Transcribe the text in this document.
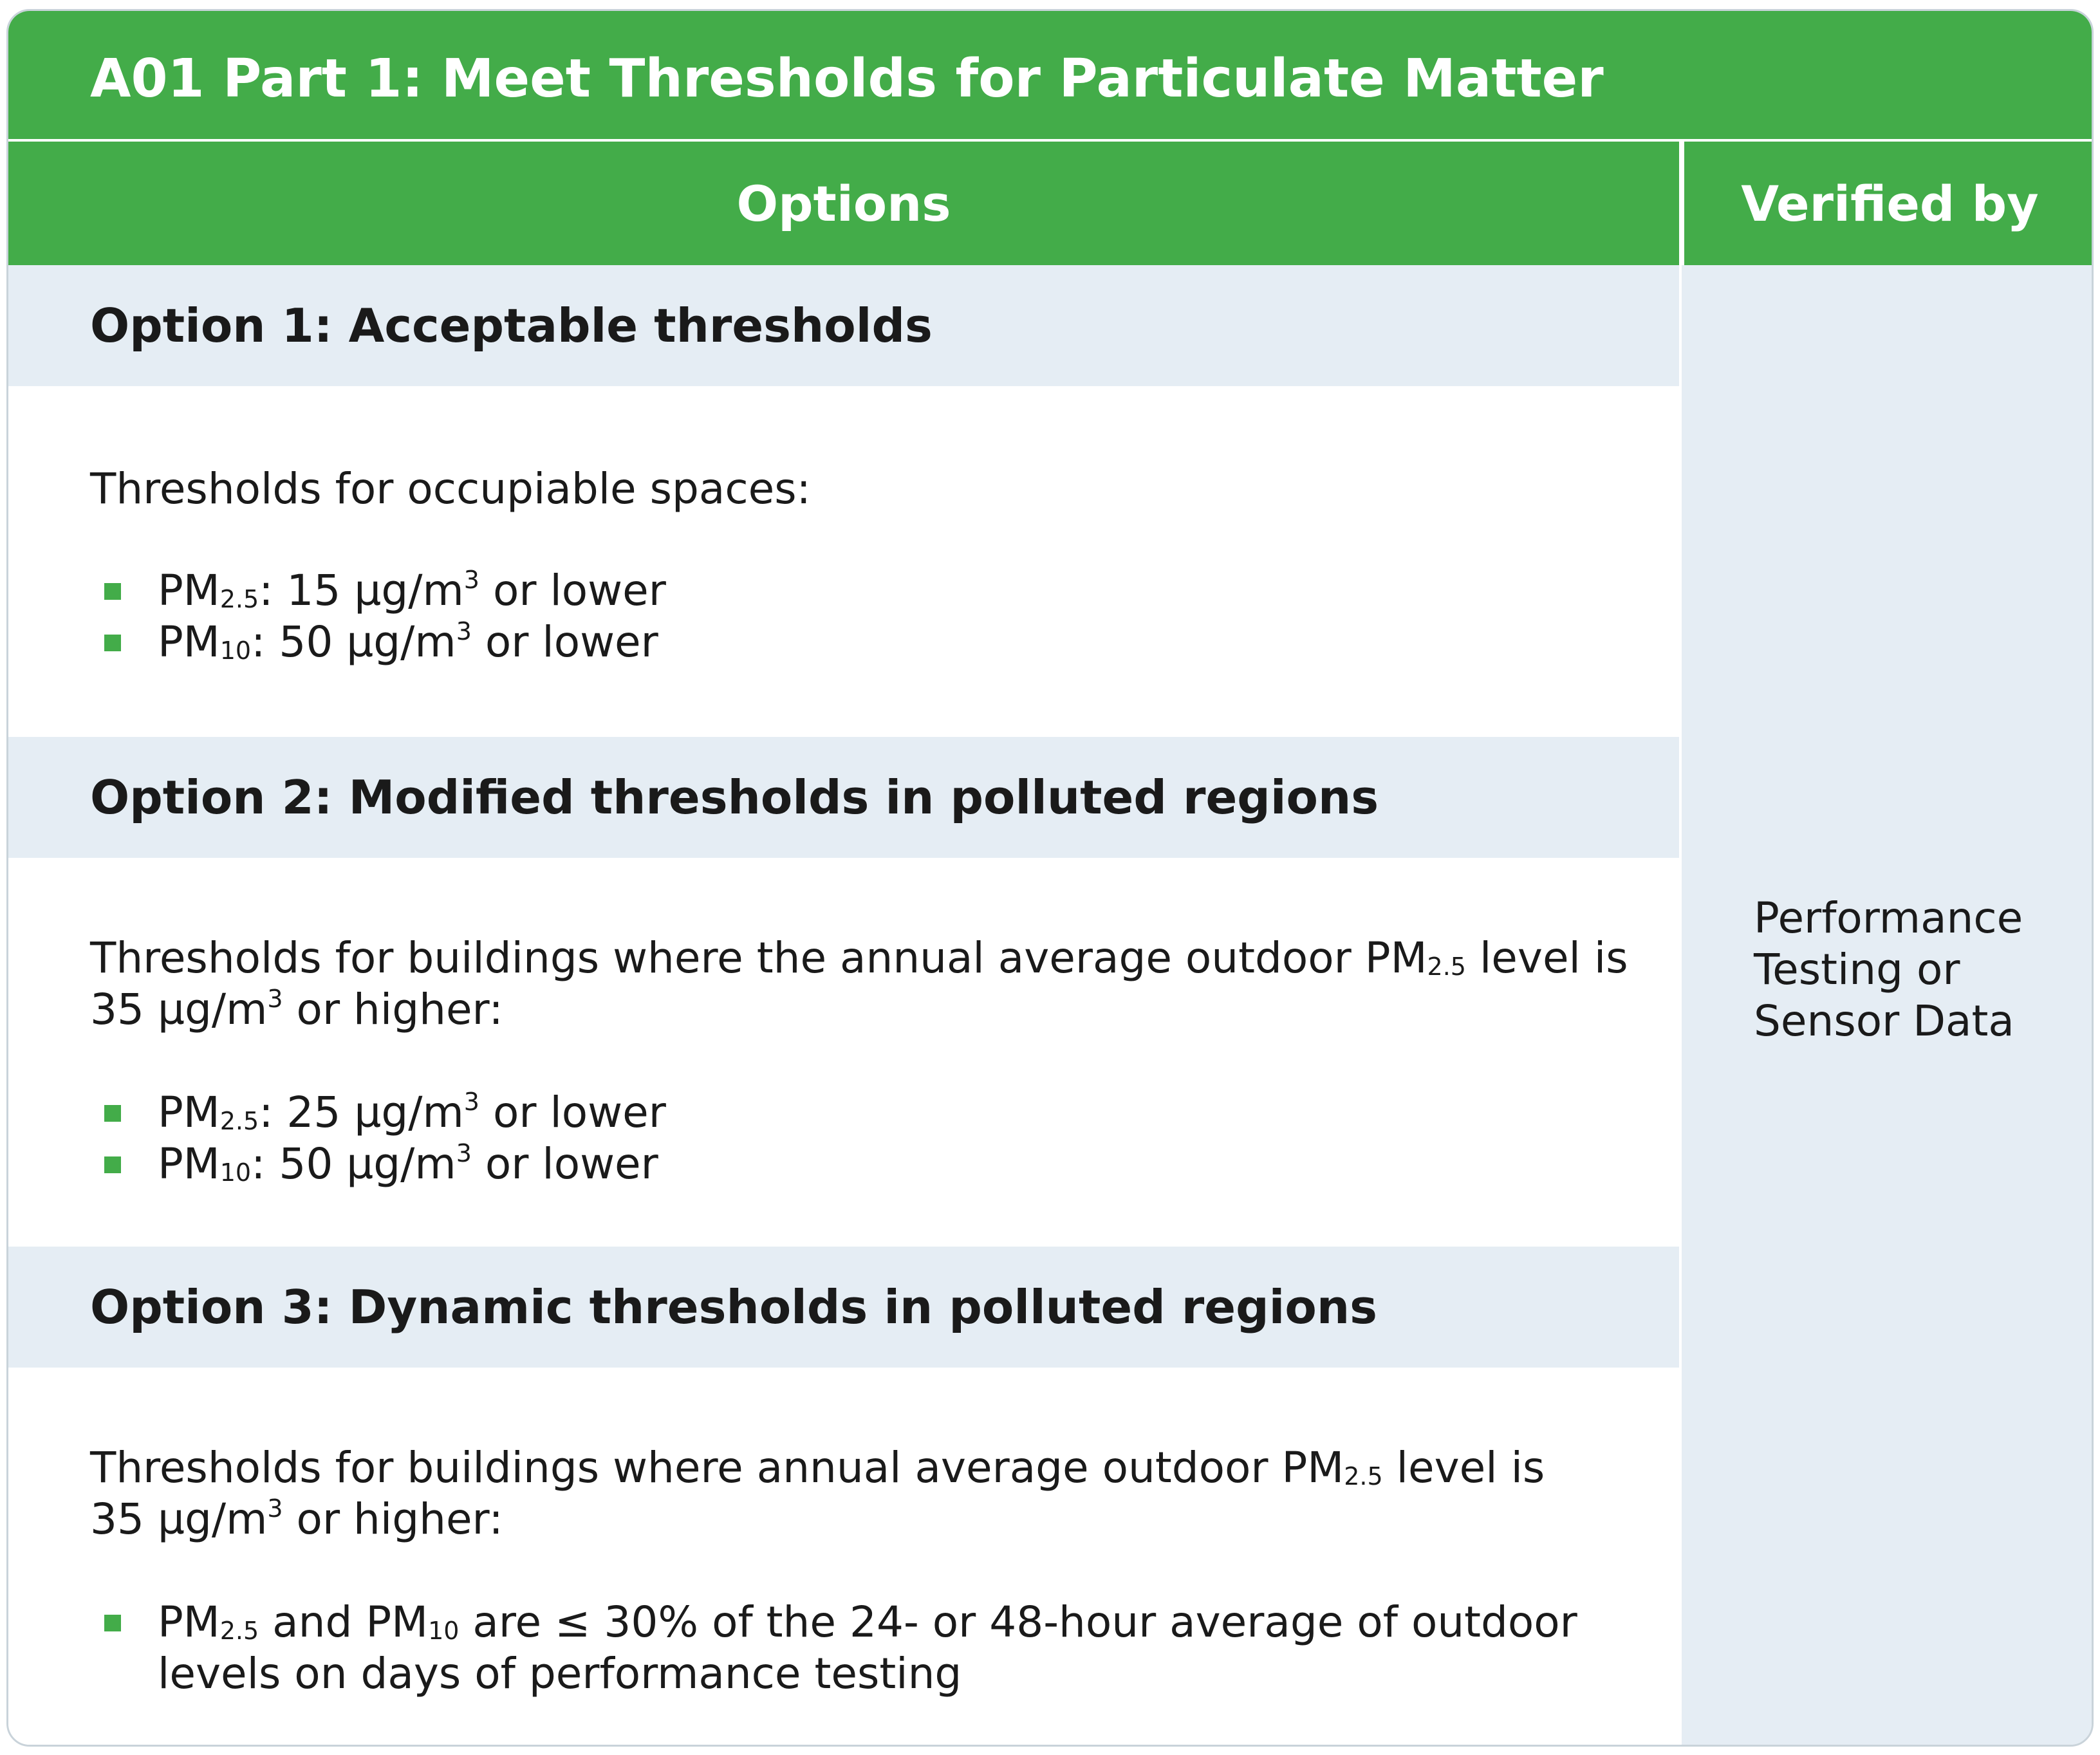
A01 Part 1: Meet Thresholds for Particulate Matter
Options	Verified by
Performance
Testing or
Sensor Data
Option 1: Acceptable thresholds
Thresholds for occupiable spaces:
$PM_{2.5}$: 15 $\mu g/m^3$ or lower
$PM_{10}$: 50 $\mu g/m^3$ or lower
Option 2: Modified thresholds in polluted regions
Thresholds for buildings where the annual average outdoor $PM_{2.5}$ level is
35 $\mu g/m^3$ or higher:
$PM_{2.5}$: 25 $\mu g/m^3$ or lower
$PM_{10}$: 50 $\mu g/m^3$ or lower
Option 3: Dynamic thresholds in polluted regions
Thresholds for buildings where annual average outdoor $PM_{2.5}$ level is
35 $\mu g/m^3$ or higher:
$PM_{2.5}$ and $PM_{10}$ are ≤ 30% of the 24- or 48-hour average of outdoor
levels on days of performance testing
